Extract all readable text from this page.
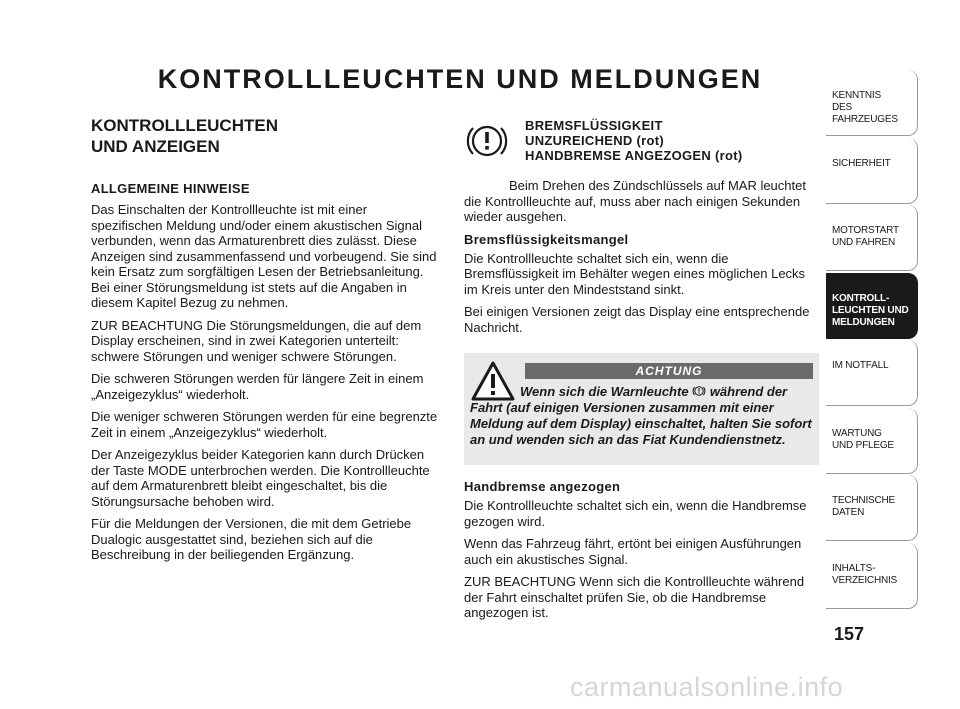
KONTROLLLEUCHTEN UND MELDUNGEN
KONTROLLLEUCHTEN
UND ANZEIGEN
ALLGEMEINE HINWEISE

Das Einschalten der Kontrollleuchte ist mit einer spezifischen Meldung und/oder einem akustischen Signal verbunden, wenn das Armaturenbrett dies zulässt. Diese Anzeigen sind zusammenfassend und vorbeugend. Sie sind kein Ersatz zum sorgfältigen Lesen der Betriebsanleitung. Bei einer Störungsmeldung ist stets auf die Angaben in diesem Kapitel Bezug zu nehmen.

ZUR BEACHTUNG Die Störungsmeldungen, die auf dem Display erscheinen, sind in zwei Kategorien unterteilt: schwere Störungen und weniger schwere Störungen.

Die schweren Störungen werden für längere Zeit in einem „Anzeigezyklus“ wiederholt.

Die weniger schweren Störungen werden für eine begrenzte Zeit in einem „Anzeigezyklus“ wiederholt.

Der Anzeigezyklus beider Kategorien kann durch Drücken der Taste MODE unterbrochen werden. Die Kontrollleuchte auf dem Armaturenbrett bleibt eingeschaltet, bis die Störungsursache behoben wird.

Für die Meldungen der Versionen, die mit dem Getriebe Dualogic ausgestattet sind, beziehen sich auf die Beschreibung in der beiliegenden Ergänzung.

BREMSFLÜSSIGKEIT
UNZUREICHEND (rot)
HANDBREMSE ANGEZOGEN (rot)

Beim Drehen des Zündschlüssels auf MAR leuchtet die Kontrollleuchte auf, muss aber nach einigen Sekunden wieder ausgehen.

Bremsflüssigkeitsmangel

Die Kontrollleuchte schaltet sich ein, wenn die Bremsflüssigkeit im Behälter wegen eines möglichen Lecks im Kreis unter den Mindeststand sinkt.

Bei einigen Versionen zeigt das Display eine entsprechende Nachricht.

ACHTUNG
Wenn sich die Warnleuchte während der Fahrt (auf einigen Versionen zusammen mit einer Meldung auf dem Display) einschaltet, halten Sie sofort an und wenden sich an das Fiat Kundendienstnetz.
Handbremse angezogen

Die Kontrollleuchte schaltet sich ein, wenn die Handbremse gezogen wird.

Wenn das Fahrzeug fährt, ertönt bei einigen Ausführungen auch ein akustisches Signal.

ZUR BEACHTUNG Wenn sich die Kontrollleuchte während der Fahrt einschaltet prüfen Sie, ob die Handbremse angezogen ist.

KENNTNIS
DES FAHRZEUGES
SICHERHEIT
MOTORSTART
UND FAHREN
KONTROLL-
LEUCHTEN UND
MELDUNGEN
IM NOTFALL
WARTUNG
UND PFLEGE
TECHNISCHE
DATEN
INHALTS-
VERZEICHNIS
157
carmanualsonline.info
